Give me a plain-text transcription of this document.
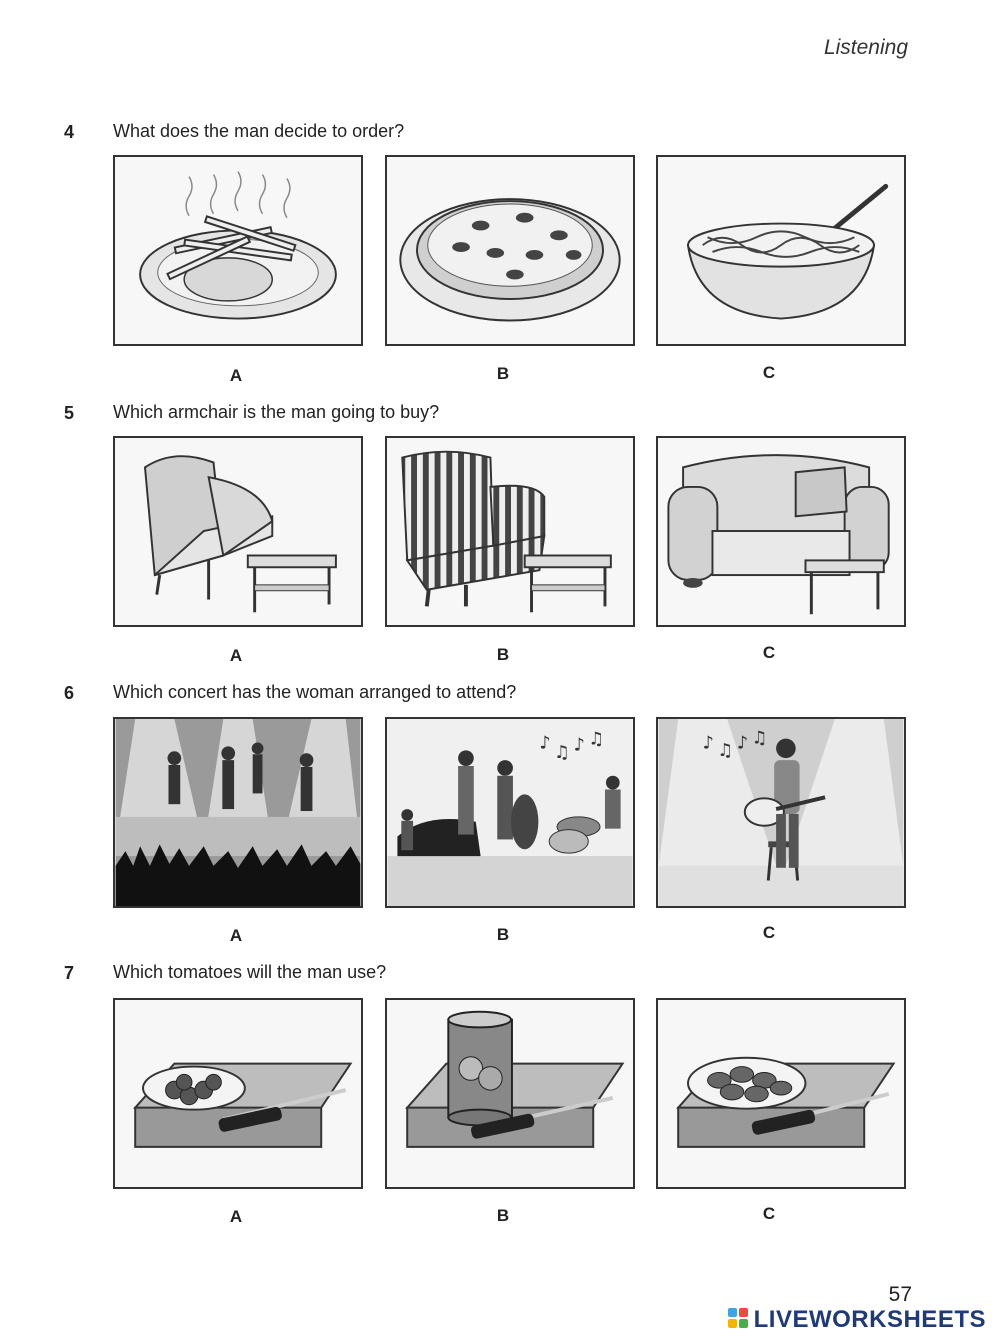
Listening
4 What does the man decide to order?
A	B	C
5 Which armchair is the man going to buy?
A	B	C
6 Which concert has the woman arranged to attend?
♪ ♫ ♪ ♫	♪ ♫ ♪ ♫
A	B	C
7 Which tomatoes will the man use?
A	B	C
57
LIVEWORKSHEETS
